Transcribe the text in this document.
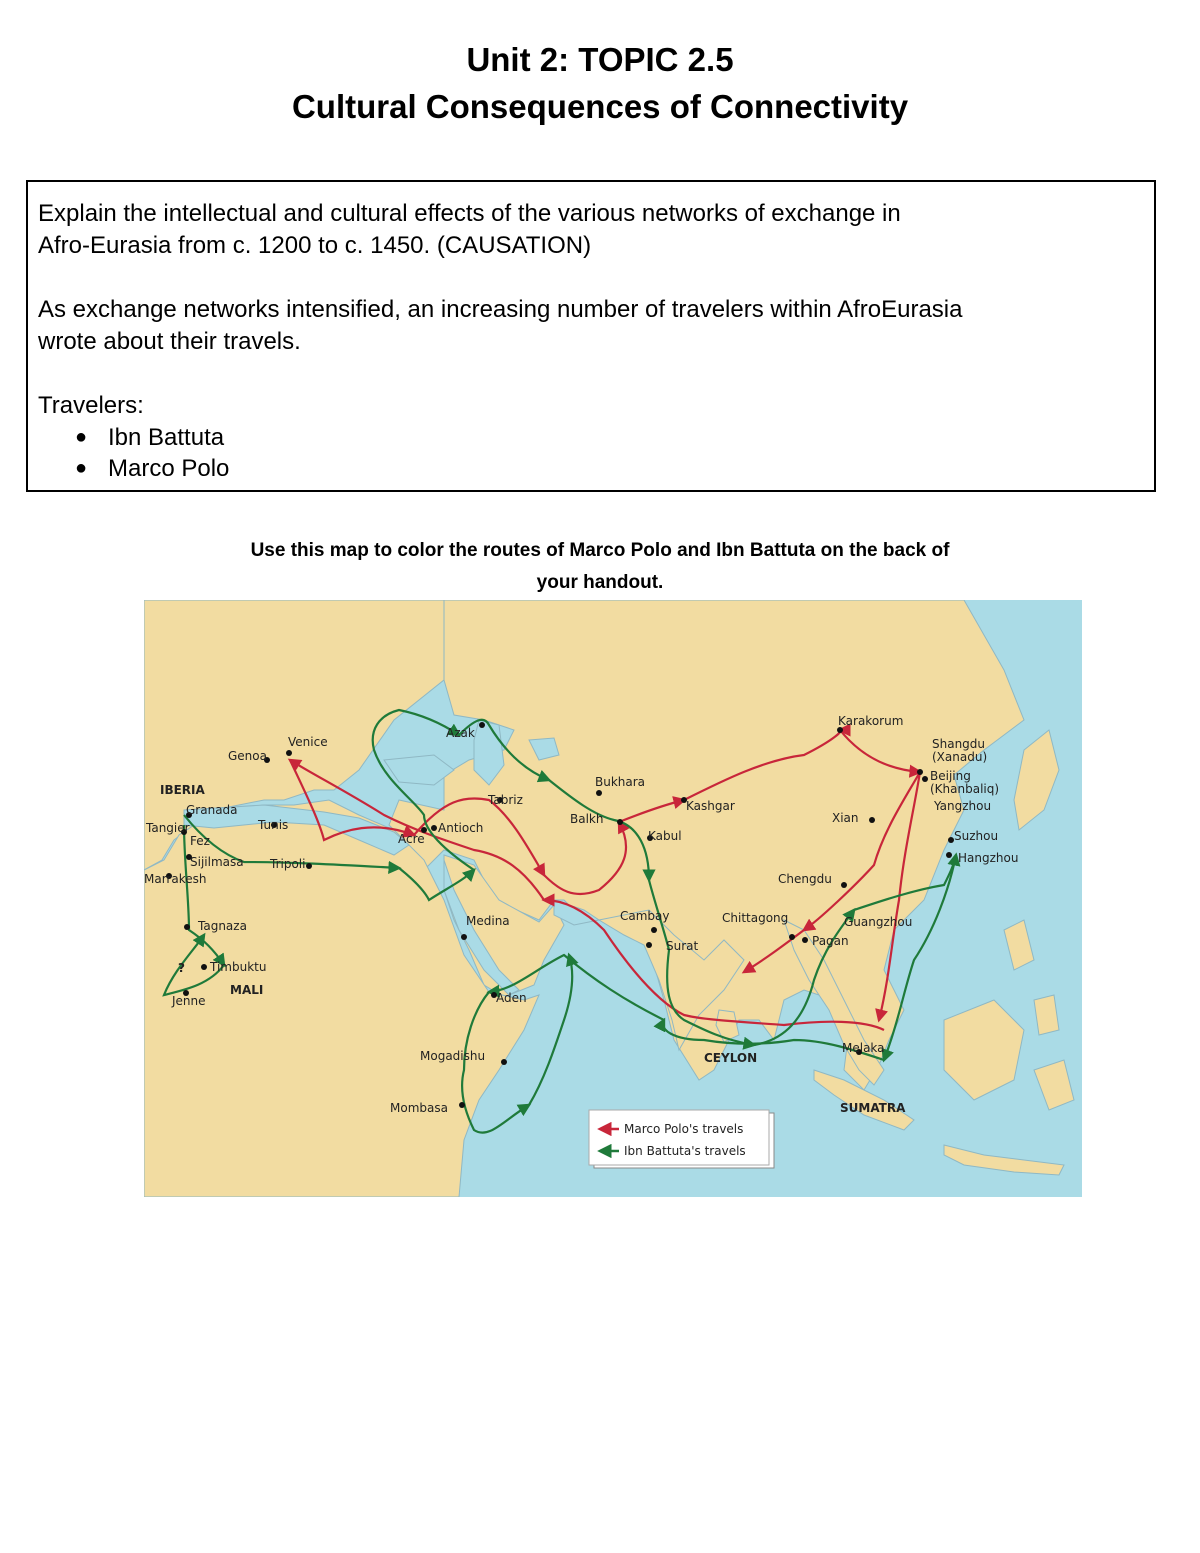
Unit 2: TOPIC 2.5
Cultural Consequences of Connectivity

Explain the intellectual and cultural effects of the various networks of exchange in

Afro-Eurasia from c. 1200 to c. 1450. (CAUSATION)

As exchange networks intensified, an increasing number of travelers within AfroEurasia

wrote about their travels.

Travelers:

● Ibn Battuta
● Marco Polo
Use this map to color the routes of Marco Polo and Ibn Battuta on the back of
your handout.
Karakorum
Shangdu
(Xanadu)
Beijing
(Khanbaliq)
Yangzhou
Suzhou
Hangzhou
Xian
Chengdu
Guangzhou
Pagan
Chittagong
Melaka
SUMATRA
CEYLON
Cambay
Surat
Kabul
Kashgar
Balkh
Bukhara
Tabriz
Azak
Venice
Genoa
IBERIA
Granada
Tangier
Fez
Sijilmasa
Marrakesh
Tunis
Tripoli
Acre
Antioch
Medina
Aden
Mogadishu
Mombasa
Tagnaza
Timbuktu
MALI
Jenne
?
Marco Polo's travels
Ibn Battuta's travels
